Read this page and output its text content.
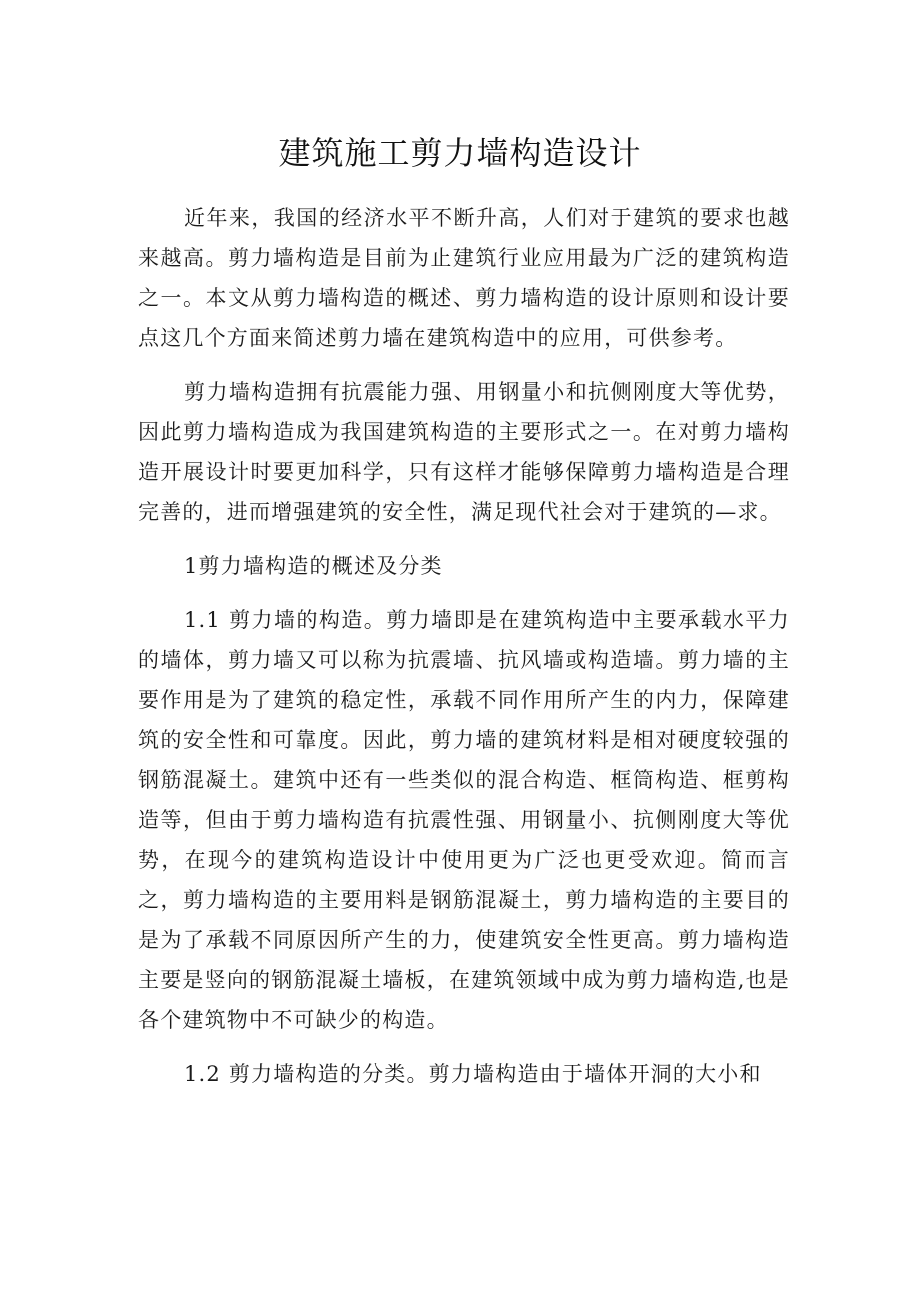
建筑施工剪力墙构造设计

近年来，我国的经济水平不断升高，人们对于建筑的要求也越来越高。剪力墙构造是目前为止建筑行业应用最为广泛的建筑构造之一。本文从剪力墙构造的概述、剪力墙构造的设计原则和设计要点这几个方面来简述剪力墙在建筑构造中的应用，可供参考。

剪力墙构造拥有抗震能力强、用钢量小和抗侧刚度大等优势，因此剪力墙构造成为我国建筑构造的主要形式之一。在对剪力墙构造开展设计时要更加科学，只有这样才能够保障剪力墙构造是合理完善的，进而增强建筑的安全性，满足现代社会对于建筑的—求。

1剪力墙构造的概述及分类

1.1 剪力墙的构造。剪力墙即是在建筑构造中主要承载水平力的墙体，剪力墙又可以称为抗震墙、抗风墙或构造墙。剪力墙的主要作用是为了建筑的稳定性，承载不同作用所产生的内力，保障建筑的安全性和可靠度。因此，剪力墙的建筑材料是相对硬度较强的钢筋混凝土。建筑中还有一些类似的混合构造、框筒构造、框剪构造等，但由于剪力墙构造有抗震性强、用钢量小、抗侧刚度大等优势，在现今的建筑构造设计中使用更为广泛也更受欢迎。简而言之，剪力墙构造的主要用料是钢筋混凝土，剪力墙构造的主要目的是为了承载不同原因所产生的力，使建筑安全性更高。剪力墙构造主要是竖向的钢筋混凝土墙板，在建筑领域中成为剪力墙构造,也是各个建筑物中不可缺少的构造。

1.2 剪力墙构造的分类。剪力墙构造由于墙体开洞的大小和
